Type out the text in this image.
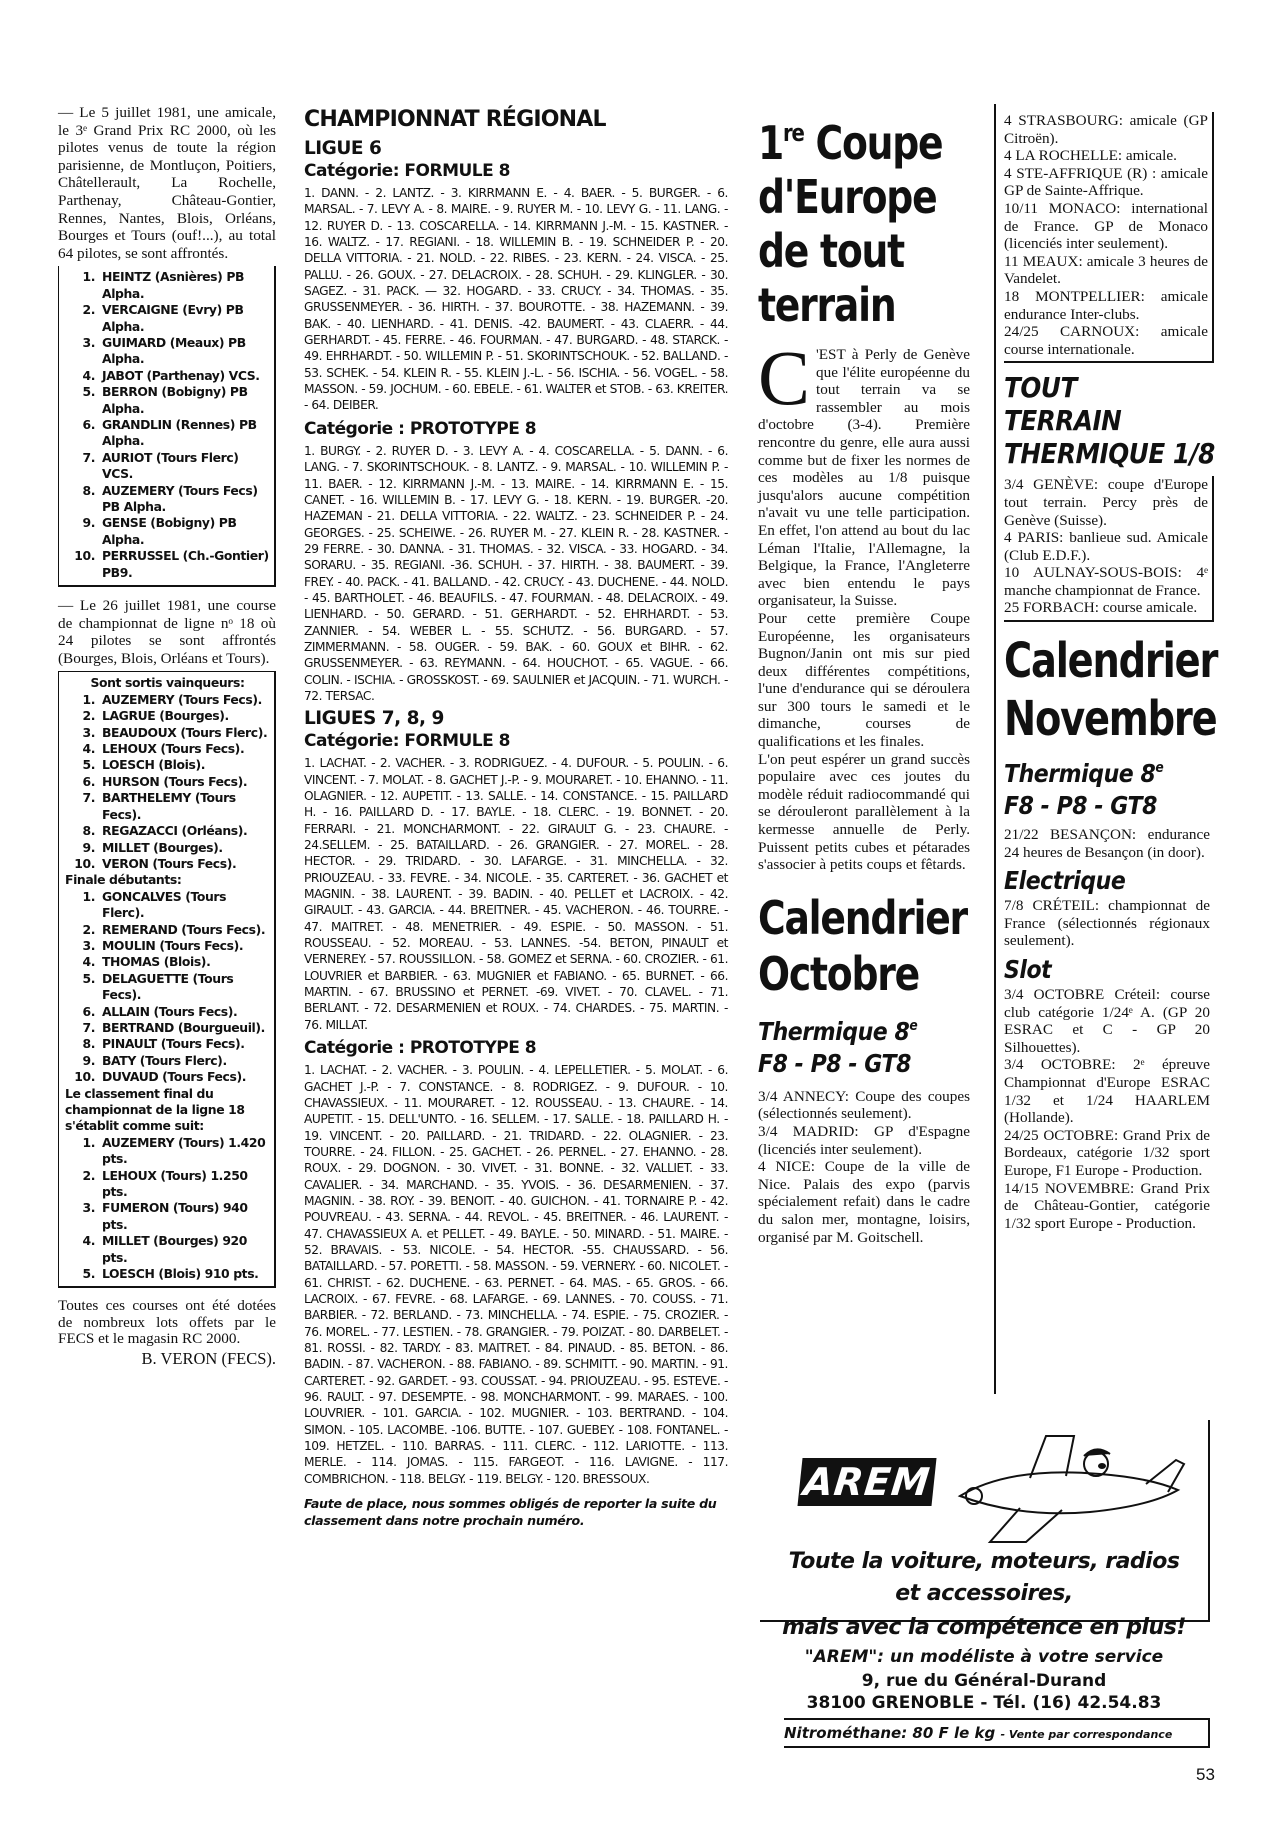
— Le 5 juillet 1981, une amicale, le 3ᵉ Grand Prix RC 2000, où les pilotes venus de toute la région parisienne, de Montluçon, Poitiers, Châtellerault, La Rochelle, Parthenay, Château-Gontier, Rennes, Nantes, Blois, Orléans, Bourges et Tours (ouf!...), au total 64 pilotes, se sont affrontés.

1. HEINTZ (Asnières) PB Alpha.
2. VERCAIGNE (Evry) PB Alpha.
3. GUIMARD (Meaux) PB Alpha.
4. JABOT (Parthenay) VCS.
5. BERRON (Bobigny) PB Alpha.
6. GRANDLIN (Rennes) PB Alpha.
7. AURIOT (Tours Flerc) VCS.
8. AUZEMERY (Tours Fecs) PB Alpha.
9. GENSE (Bobigny) PB Alpha.
10. PERRUSSEL (Ch.-Gontier) PB9.

— Le 26 juillet 1981, une course de championnat de ligne nᵒ 18 où 24 pilotes se sont affrontés (Bourges, Blois, Orléans et Tours).

Sont sortis vainqueurs:
1. AUZEMERY (Tours Fecs).
2. LAGRUE (Bourges).
3. BEAUDOUX (Tours Flerc).
4. LEHOUX (Tours Fecs).
5. LOESCH (Blois).
6. HURSON (Tours Fecs).
7. BARTHELEMY (Tours Fecs).
8. REGAZACCI (Orléans).
9. MILLET (Bourges).
10. VERON (Tours Fecs).
Finale débutants:
1. GONCALVES (Tours Flerc).
2. REMERAND (Tours Fecs).
3. MOULIN (Tours Fecs).
4. THOMAS (Blois).
5. DELAGUETTE (Tours Fecs).
6. ALLAIN (Tours Fecs).
7. BERTRAND (Bourgueuil).
8. PINAULT (Tours Fecs).
9. BATY (Tours Flerc).
10. DUVAUD (Tours Fecs).
Le classement final du championnat de la ligne 18 s'établit comme suit:
1. AUZEMERY (Tours) 1.420 pts.
2. LEHOUX (Tours) 1.250 pts.
3. FUMERON (Tours) 940 pts.
4. MILLET (Bourges) 920 pts.
5. LOESCH (Blois) 910 pts.

Toutes ces courses ont été dotées de nombreux lots offets par le FECS et le magasin RC 2000.

B. VERON (FECS).

CHAMPIONNAT RÉGIONAL
LIGUE 6
Catégorie: FORMULE 8

1. DANN. - 2. LANTZ. - 3. KIRRMANN E. - 4. BAER. - 5. BURGER. - 6. MARSAL. - 7. LEVY A. - 8. MAIRE. - 9. RUYER M. - 10. LEVY G. - 11. LANG. - 12. RUYER D. - 13. COSCARELLA. - 14. KIRRMANN J.-M. - 15. KASTNER. - 16. WALTZ. - 17. REGIANI. - 18. WILLEMIN B. - 19. SCHNEIDER P. - 20. DELLA VITTORIA. - 21. NOLD. - 22. RIBES. - 23. KERN. - 24. VISCA. - 25. PALLU. - 26. GOUX. - 27. DELACROIX. - 28. SCHUH. - 29. KLINGLER. - 30. SAGEZ. - 31. PACK. — 32. HOGARD. - 33. CRUCY. - 34. THOMAS. - 35. GRUSSENMEYER. - 36. HIRTH. - 37. BOUROTTE. - 38. HAZEMANN. - 39. BAK. - 40. LIENHARD. - 41. DENIS. -42. BAUMERT. - 43. CLAERR. - 44. GERHARDT. - 45. FERRE. - 46. FOURMAN. - 47. BURGARD. - 48. STARCK. - 49. EHRHARDT. - 50. WILLEMIN P. - 51. SKORINTSCHOUK. - 52. BALLAND. - 53. SCHEK. - 54. KLEIN R. - 55. KLEIN J.-L. - 56. ISCHIA. - 56. VOGEL. - 58. MASSON. - 59. JOCHUM. - 60. EBELE. - 61. WALTER et STOB. - 63. KREITER. - 64. DEIBER.

Catégorie : PROTOTYPE 8

1. BURGY. - 2. RUYER D. - 3. LEVY A. - 4. COSCARELLA. - 5. DANN. - 6. LANG. - 7. SKORINTSCHOUK. - 8. LANTZ. - 9. MARSAL. - 10. WILLEMIN P. - 11. BAER. - 12. KIRRMANN J.-M. - 13. MAIRE. - 14. KIRRMANN E. - 15. CANET. - 16. WILLEMIN B. - 17. LEVY G. - 18. KERN. - 19. BURGER. -20. HAZEMAN - 21. DELLA VITTORIA. - 22. WALTZ. - 23. SCHNEIDER P. - 24. GEORGES. - 25. SCHEIWE. - 26. RUYER M. - 27. KLEIN R. - 28. KASTNER. - 29 FERRE. - 30. DANNA. - 31. THOMAS. - 32. VISCA. - 33. HOGARD. - 34. SORARU. - 35. REGIANI. -36. SCHUH. - 37. HIRTH. - 38. BAUMERT. - 39. FREY. - 40. PACK. - 41. BALLAND. - 42. CRUCY. - 43. DUCHENE. - 44. NOLD. - 45. BARTHOLET. - 46. BEAUFILS. - 47. FOURMAN. - 48. DELACROIX. - 49. LIENHARD. - 50. GERARD. - 51. GERHARDT. - 52. EHRHARDT. - 53. ZANNIER. - 54. WEBER L. - 55. SCHUTZ. - 56. BURGARD. - 57. ZIMMERMANN. - 58. OUGER. - 59. BAK. - 60. GOUX et BIHR. - 62. GRUSSENMEYER. - 63. REYMANN. - 64. HOUCHOT. - 65. VAGUE. - 66. COLIN. - ISCHIA. - GROSSKOST. - 69. SAULNIER et JACQUIN. - 71. WURCH. - 72. TERSAC.

LIGUES 7, 8, 9
Catégorie: FORMULE 8

1. LACHAT. - 2. VACHER. - 3. RODRIGUEZ. - 4. DUFOUR. - 5. POULIN. - 6. VINCENT. - 7. MOLAT. - 8. GACHET J.-P. - 9. MOURARET. - 10. EHANNO. - 11. OLAGNIER. - 12. AUPETIT. - 13. SALLE. - 14. CONSTANCE. - 15. PAILLARD H. - 16. PAILLARD D. - 17. BAYLE. - 18. CLERC. - 19. BONNET. - 20. FERRARI. - 21. MONCHARMONT. - 22. GIRAULT G. - 23. CHAURE. - 24.SELLEM. - 25. BATAILLARD. - 26. GRANGIER. - 27. MOREL. - 28. HECTOR. - 29. TRIDARD. - 30. LAFARGE. - 31. MINCHELLA. - 32. PRIOUZEAU. - 33. FEVRE. - 34. NICOLE. - 35. CARTERET. - 36. GACHET et MAGNIN. - 38. LAURENT. - 39. BADIN. - 40. PELLET et LACROIX. - 42. GIRAULT. - 43. GARCIA. - 44. BREITNER. - 45. VACHERON. - 46. TOURRE. - 47. MAITRET. - 48. MENETRIER. - 49. ESPIE. - 50. MASSON. - 51. ROUSSEAU. - 52. MOREAU. - 53. LANNES. -54. BETON, PINAULT et VERNEREY. - 57. ROUSSILLON. - 58. GOMEZ et SERNA. - 60. CROZIER. - 61. LOUVRIER et BARBIER. - 63. MUGNIER et FABIANO. - 65. BURNET. - 66. MARTIN. - 67. BRUSSINO et PERNET. -69. VIVET. - 70. CLAVEL. - 71. BERLANT. - 72. DESARMENIEN et ROUX. - 74. CHARDES. - 75. MARTIN. - 76. MILLAT.

Catégorie : PROTOTYPE 8

1. LACHAT. - 2. VACHER. - 3. POULIN. - 4. LEPELLETIER. - 5. MOLAT. - 6. GACHET J.-P. - 7. CONSTANCE. - 8. RODRIGEZ. - 9. DUFOUR. - 10. CHAVASSIEUX. - 11. MOURARET. - 12. ROUSSEAU. - 13. CHAURE. - 14. AUPETIT. - 15. DELL'UNTO. - 16. SELLEM. - 17. SALLE. - 18. PAILLARD H. - 19. VINCENT. - 20. PAILLARD. - 21. TRIDARD. - 22. OLAGNIER. - 23. TOURRE. - 24. FILLON. - 25. GACHET. - 26. PERNEL. - 27. EHANNO. - 28. ROUX. - 29. DOGNON. - 30. VIVET. - 31. BONNE. - 32. VALLIET. - 33. CAVALIER. - 34. MARCHAND. - 35. YVOIS. - 36. DESARMENIEN. - 37. MAGNIN. - 38. ROY. - 39. BENOIT. - 40. GUICHON. - 41. TORNAIRE P. - 42. POUVREAU. - 43. SERNA. - 44. REVOL. - 45. BREITNER. - 46. LAURENT. - 47. CHAVASSIEUX A. et PELLET. - 49. BAYLE. - 50. MINARD. - 51. MAIRE. - 52. BRAVAIS. - 53. NICOLE. - 54. HECTOR. -55. CHAUSSARD. - 56. BATAILLARD. - 57. PORETTI. - 58. MASSON. - 59. VERNERY. - 60. NICOLET. - 61. CHRIST. - 62. DUCHENE. - 63. PERNET. - 64. MAS. - 65. GROS. - 66. LACROIX. - 67. FEVRE. - 68. LAFARGE. - 69. LANNES. - 70. COUSS. - 71. BARBIER. - 72. BERLAND. - 73. MINCHELLA. - 74. ESPIE. - 75. CROZIER. - 76. MOREL. - 77. LESTIEN. - 78. GRANGIER. - 79. POIZAT. - 80. DARBELET. - 81. ROSSI. - 82. TARDY. - 83. MAITRET. - 84. PINAUD. - 85. BETON. - 86. BADIN. - 87. VACHERON. - 88. FABIANO. - 89. SCHMITT. - 90. MARTIN. - 91. CARTERET. - 92. GARDET. - 93. COUSSAT. - 94. PRIOUZEAU. - 95. ESTEVE. - 96. RAULT. - 97. DESEMPTE. - 98. MONCHARMONT. - 99. MARAES. - 100. LOUVRIER. - 101. GARCIA. - 102. MUGNIER. - 103. BERTRAND. - 104. SIMON. - 105. LACOMBE. -106. BUTTE. - 107. GUEBEY. - 108. FONTANEL. - 109. HETZEL. - 110. BARRAS. - 111. CLERC. - 112. LARIOTTE. - 113. MERLE. - 114. JOMAS. - 115. FARGEOT. - 116. LAVIGNE. - 117. COMBRICHON. - 118. BELGY. - 119. BELGY. - 120. BRESSOUX.

Faute de place, nous sommes obligés de reporter la suite du classement dans notre prochain numéro.

1re Coupe
d'Europe
de tout
terrain
C 'EST à Perly de Genève que l'élite européenne du tout terrain va se rassembler au mois d'octobre (3-4). Première rencontre du genre, elle aura aussi comme but de fixer les normes de ces modèles au 1/8 puisque jusqu'alors aucune compétition n'avait vu une telle participation. En effet, l'on attend au bout du lac Léman l'Italie, l'Allemagne, la Belgique, la France, l'Angleterre avec bien entendu le pays organisateur, la Suisse.

Pour cette première Coupe Européenne, les organisateurs Bugnon/Janin ont mis sur pied deux différentes compétitions, l'une d'endurance qui se déroulera sur 300 tours le samedi et le dimanche, courses de qualifications et les finales.

L'on peut espérer un grand succès populaire avec ces joutes du modèle réduit radiocommandé qui se dérouleront parallèlement à la kermesse annuelle de Perly. Puissent petits cubes et pétarades s'associer à petits coups et fêtards.

Calendrier
Octobre
Thermique 8e
F8 - P8 - GT8

3/4 ANNECY: Coupe des coupes (sélectionnés seulement).

3/4 MADRID: GP d'Espagne (licenciés inter seulement).

4 NICE: Coupe de la ville de Nice. Palais des expo (parvis spécialement refait) dans le cadre du salon mer, montagne, loisirs, organisé par M. Goitschell.

4 STRASBOURG: amicale (GP Citroën).

4 LA ROCHELLE: amicale.

4 STE-AFFRIQUE (R) : amicale GP de Sainte-Affrique.

10/11 MONACO: international de France. GP de Monaco (licenciés inter seulement).

11 MEAUX: amicale 3 heures de Vandelet.

18 MONTPELLIER: amicale endurance Inter-clubs.

24/25 CARNOUX: amicale course internationale.

TOUT
TERRAIN
THERMIQUE 1/8

3/4 GENÈVE: coupe d'Europe tout terrain. Percy près de Genève (Suisse).

4 PARIS: banlieue sud. Amicale (Club E.D.F.).

10 AULNAY-SOUS-BOIS: 4ᵉ manche championnat de France.

25 FORBACH: course amicale.

Calendrier
Novembre
Thermique 8e
F8 - P8 - GT8

21/22 BESANÇON: endurance 24 heures de Besançon (in door).

Electrique

7/8 CRÉTEIL: championnat de France (sélectionnés régionaux seulement).

Slot

3/4 OCTOBRE Créteil: course club catégorie 1/24ᵉ A. (GP 20 ESRAC et C - GP 20 Silhouettes).

3/4 OCTOBRE: 2ᵉ épreuve Championnat d'Europe ESRAC 1/32 et 1/24 HAARLEM (Hollande).

24/25 OCTOBRE: Grand Prix de Bordeaux, catégorie 1/32 sport Europe, F1 Europe - Production.

14/15 NOVEMBRE: Grand Prix de Château-Gontier, catégorie 1/32 sport Europe - Production.

AREM
Toute la voiture, moteurs, radios
et accessoires,
mais avec la compétence en plus!
"AREM": un modéliste à votre service
9, rue du Général-Durand
38100 GRENOBLE - Tél. (16) 42.54.83
Nitrométhane: 80 F le kg - Vente par correspondance
53
